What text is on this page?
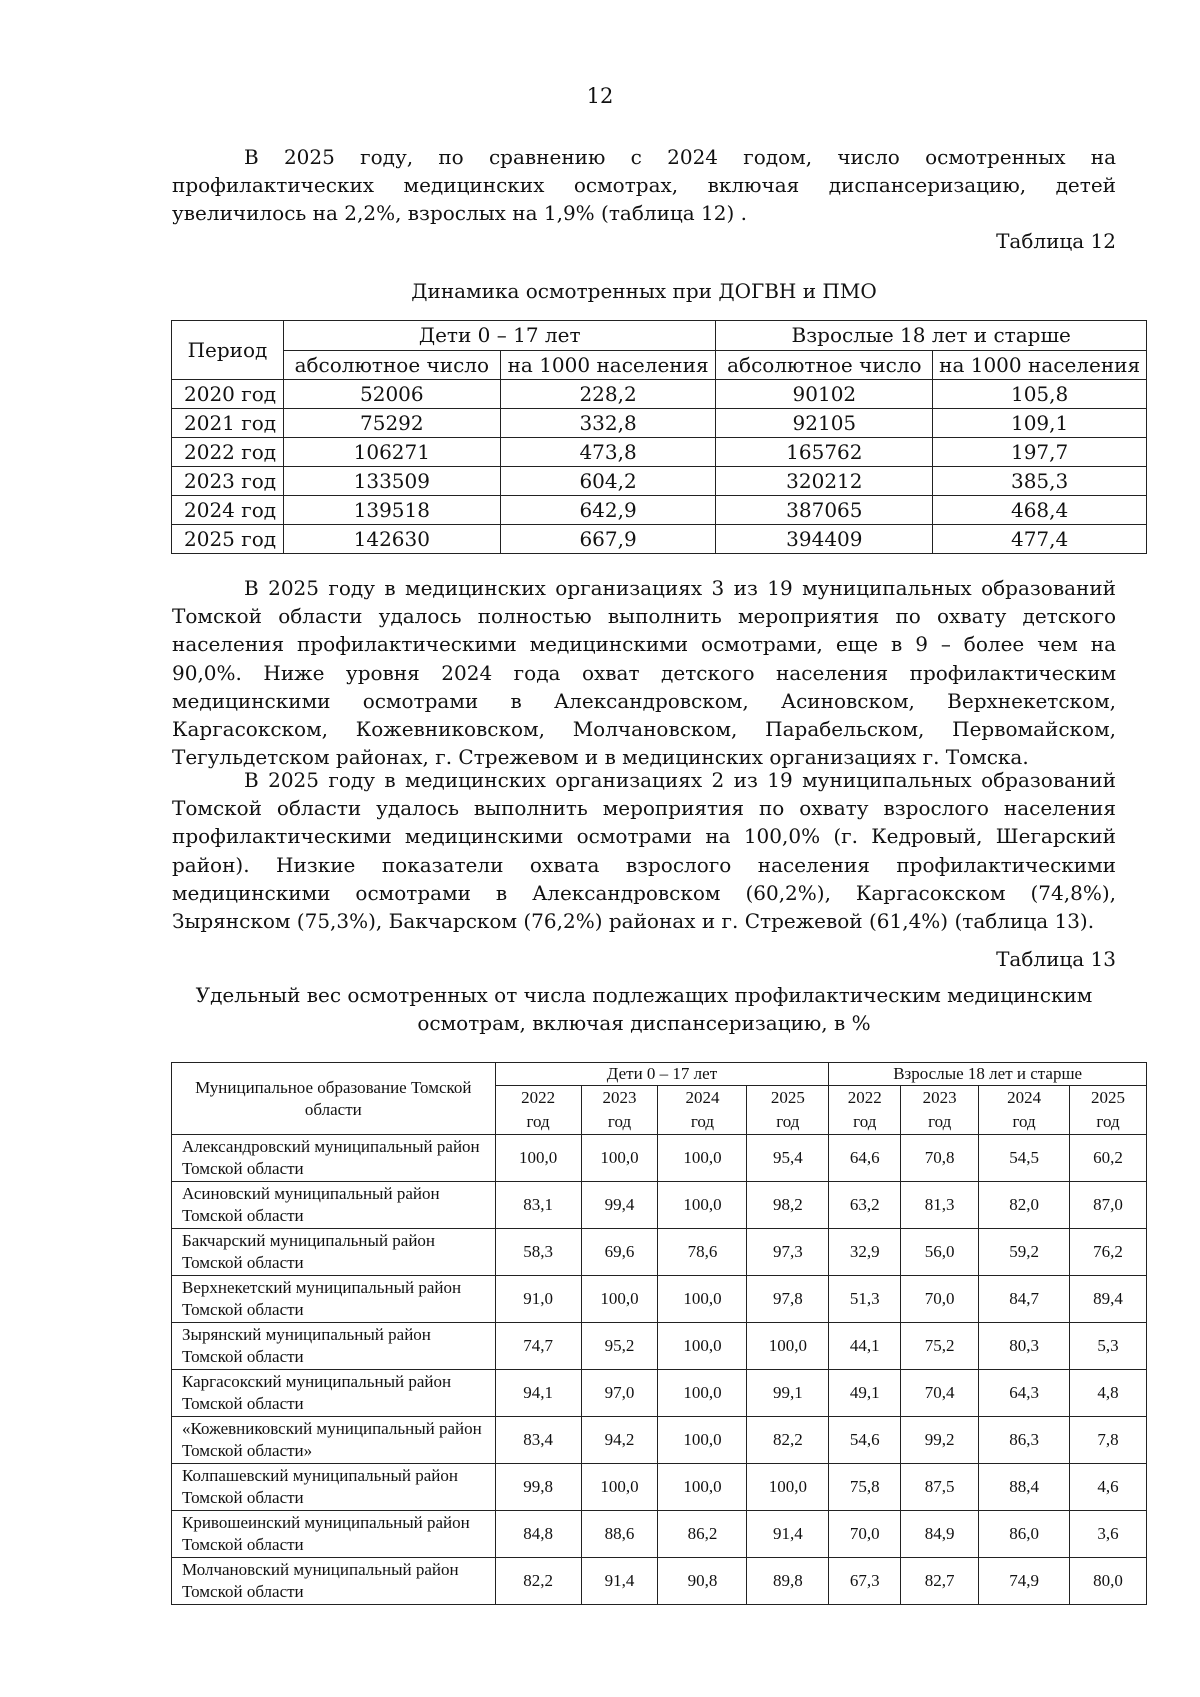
12

В 2025 году, по сравнению с 2024 годом, число осмотренных на профилактических медицинских осмотрах, включая диспансеризацию, детей увеличилось на 2,2%, взрослых на 1,9% (таблица 12) .

Таблица 12
Динамика осмотренных при ДОГВН и ПМО
Период	Дети 0 – 17 лет		Взрослые 18 лет и старше	
	абсолютное число	на 1000 населения	абсолютное число	на 1000 населения
2020 год	52006	228,2	90102	105,8
2021 год	75292	332,8	92105	109,1
2022 год	106271	473,8	165762	197,7
2023 год	133509	604,2	320212	385,3
2024 год	139518	642,9	387065	468,4
2025 год	142630	667,9	394409	477,4

В 2025 году в медицинских организациях 3 из 19 муниципальных образований Томской области удалось полностью выполнить мероприятия по охвату детского населения профилактическими медицинскими осмотрами, еще в 9 – более чем на 90,0%. Ниже уровня 2024 года охват детского населения профилактическим медицинскими осмотрами в Александровском, Асиновском, Верхнекетском, Каргасокском, Кожевниковском, Молчановском, Парабельском, Первомайском, Тегульдетском районах, г. Стрежевом и в медицинских организациях г. Томска.

В 2025 году в медицинских организациях 2 из 19 муниципальных образований Томской области удалось выполнить мероприятия по охвату взрослого населения профилактическими медицинскими осмотрами на 100,0% (г. Кедровый, Шегарский район). Низкие показатели охвата взрослого населения профилактическими медицинскими осмотрами в Александровском (60,2%), Каргасокском (74,8%), Зырянском (75,3%), Бакчарском (76,2%) районах и г. Стрежевой (61,4%) (таблица 13).

Таблица 13
Удельный вес осмотренных от числа подлежащих профилактическим медицинским осмотрам, включая диспансеризацию, в %
Муниципальное образование Томской области	Дети 0 – 17 лет				Взрослые 18 лет и старше			
	2022
год	2023
год	2024
год	2025
год	2022
год	2023
год	2024
год	2025
год
Александровский муниципальный район Томской области	100,0	100,0	100,0	95,4	64,6	70,8	54,5	60,2
Асиновский муниципальный район Томской области	83,1	99,4	100,0	98,2	63,2	81,3	82,0	87,0
Бакчарский муниципальный район Томской области	58,3	69,6	78,6	97,3	32,9	56,0	59,2	76,2
Верхнекетский муниципальный район Томской области	91,0	100,0	100,0	97,8	51,3	70,0	84,7	89,4
Зырянский муниципальный район Томской области	74,7	95,2	100,0	100,0	44,1	75,2	80,3	5,3
Каргасокский муниципальный район Томской области	94,1	97,0	100,0	99,1	49,1	70,4	64,3	4,8
«Кожевниковский муниципальный район Томской области»	83,4	94,2	100,0	82,2	54,6	99,2	86,3	7,8
Колпашевский муниципальный район Томской области	99,8	100,0	100,0	100,0	75,8	87,5	88,4	4,6
Кривошеинский муниципальный район Томской области	84,8	88,6	86,2	91,4	70,0	84,9	86,0	3,6
Молчановский муниципальный район Томской области	82,2	91,4	90,8	89,8	67,3	82,7	74,9	80,0
